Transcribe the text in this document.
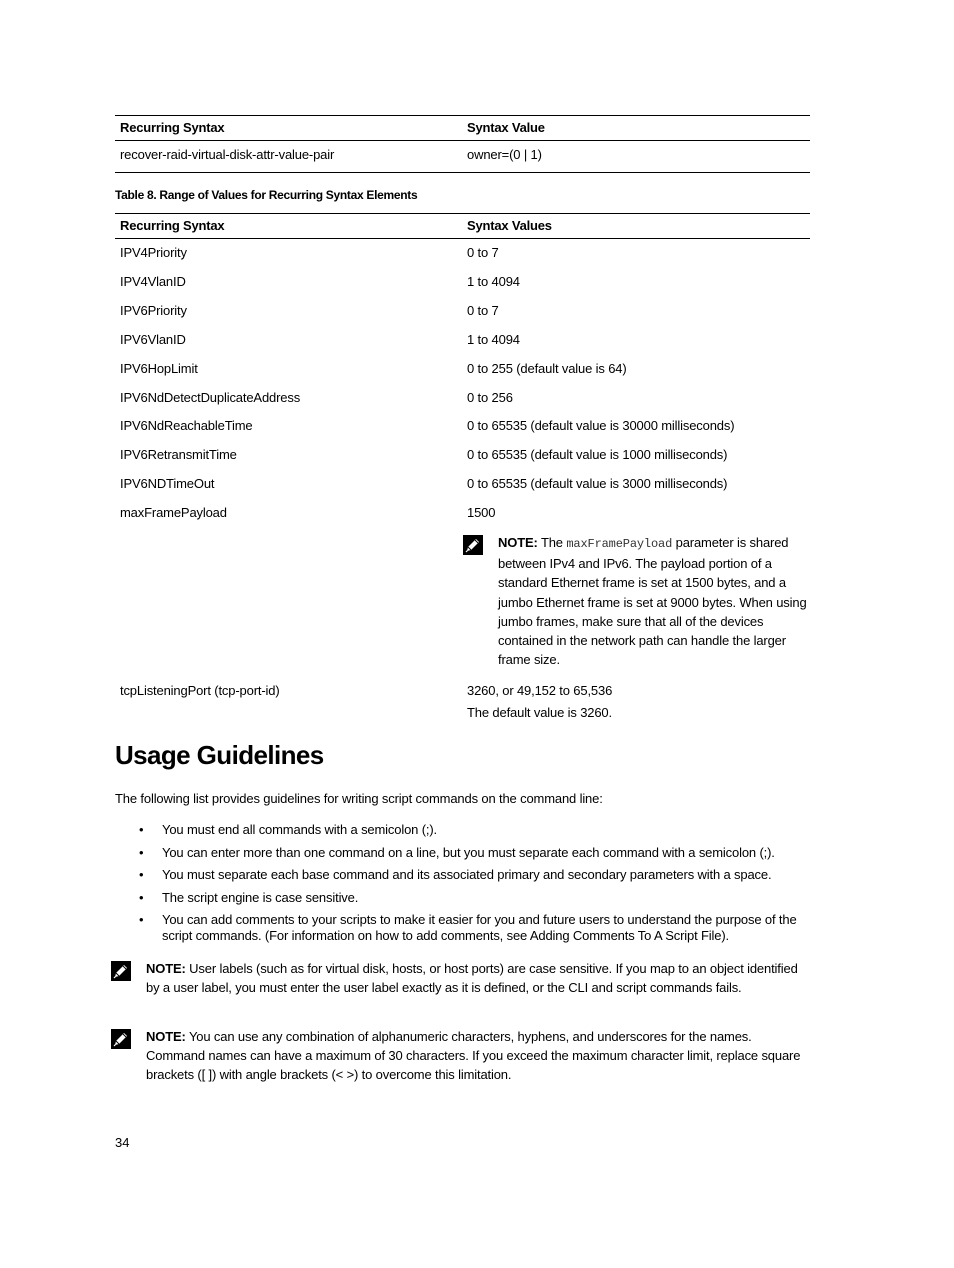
Recurring Syntax	Syntax Value
recover-raid-virtual-disk-attr-value-pair	owner=(0 | 1)
Table 8. Range of Values for Recurring Syntax Elements
Recurring Syntax	Syntax Values
IPV4Priority	0 to 7
IPV4VlanID	1 to 4094
IPV6Priority	0 to 7
IPV6VlanID	1 to 4094
IPV6HopLimit	0 to 255 (default value is 64)
IPV6NdDetectDuplicateAddress	0 to 256
IPV6NdReachableTime	0 to 65535 (default value is 30000 milliseconds)
IPV6RetransmitTime	0 to 65535 (default value is 1000 milliseconds)
IPV6NDTimeOut	0 to 65535 (default value is 3000 milliseconds)
maxFramePayload	1500
tcpListeningPort (tcp-port-id)	3260, or 49,152 to 65,536
The default value is 3260.
NOTE: The maxFramePayload parameter is shared between IPv4 and IPv6. The payload portion of a standard Ethernet frame is set at 1500 bytes, and a jumbo Ethernet frame is set at 9000 bytes. When using jumbo frames, make sure that all of the devices contained in the network path can handle the larger frame size.
Usage Guidelines
The following list provides guidelines for writing script commands on the command line:
• You must end all commands with a semicolon (;).
• You can enter more than one command on a line, but you must separate each command with a semicolon (;).
• You must separate each base command and its associated primary and secondary parameters with a space.
• The script engine is case sensitive.
• You can add comments to your scripts to make it easier for you and future users to understand the purpose of the script commands. (For information on how to add comments, see Adding Comments To A Script File).
NOTE: User labels (such as for virtual disk, hosts, or host ports) are case sensitive. If you map to an object identified by a user label, you must enter the user label exactly as it is defined, or the CLI and script commands fails.
NOTE: You can use any combination of alphanumeric characters, hyphens, and underscores for the names. Command names can have a maximum of 30 characters. If you exceed the maximum character limit, replace square brackets ([ ]) with angle brackets (< >) to overcome this limitation.
34
